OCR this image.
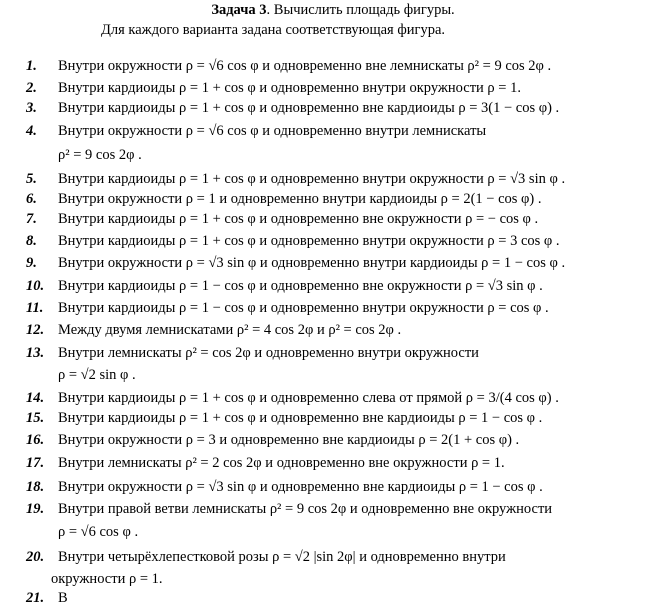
Задача 3. Вычислить площадь фигуры.
Для каждого варианта задана соответствующая фигура.
1.	Внутри окружности ρ = √6 cos φ и одновременно вне лемнискаты ρ² = 9 cos 2φ .
2.	Внутри кардиоиды ρ = 1 + cos φ и одновременно внутри окружности ρ = 1.
3.	Внутри кардиоиды ρ = 1 + cos φ и одновременно вне кардиоиды ρ = 3(1 − cos φ) .
4.	Внутри окружности ρ = √6 cos φ и одновременно внутри лемнискаты
ρ² = 9 cos 2φ .
5.	Внутри кардиоиды ρ = 1 + cos φ и одновременно внутри окружности ρ = √3 sin φ .
6.	Внутри окружности ρ = 1 и одновременно внутри кардиоиды ρ = 2(1 − cos φ) .
7.	Внутри кардиоиды ρ = 1 + cos φ и одновременно вне окружности ρ = − cos φ .
8.	Внутри кардиоиды ρ = 1 + cos φ и одновременно внутри окружности ρ = 3 cos φ .
9.	Внутри окружности ρ = √3 sin φ и одновременно внутри кардиоиды ρ = 1 − cos φ .
10. Внутри кардиоиды ρ = 1 − cos φ и одновременно вне окружности ρ = √3 sin φ .
11.	Внутри кардиоиды ρ = 1 − cos φ и одновременно внутри окружности ρ = cos φ .
12. Между двумя лемнискатами ρ² = 4 cos 2φ и ρ² = cos 2φ .
13. Внутри лемнискаты ρ² = cos 2φ и одновременно внутри окружности
ρ = √2 sin φ .
14. Внутри кардиоиды ρ = 1 + cos φ и одновременно слева от прямой ρ = 3/(4 cos φ) .
15. Внутри кардиоиды ρ = 1 + cos φ и одновременно вне кардиоиды ρ = 1 − cos φ .
16. Внутри окружности ρ = 3 и одновременно вне кардиоиды ρ = 2(1 + cos φ) .
17. Внутри лемнискаты ρ² = 2 cos 2φ и одновременно вне окружности ρ = 1.
18. Внутри окружности ρ = √3 sin φ и одновременно вне кардиоиды ρ = 1 − cos φ .
19. Внутри правой ветви лемнискаты ρ² = 9 cos 2φ и одновременно вне окружности
ρ = √6 cos φ .
20. Внутри четырёхлепестковой розы ρ = √2 |sin 2φ| и одновременно внутри
окружности ρ = 1.
21. В
